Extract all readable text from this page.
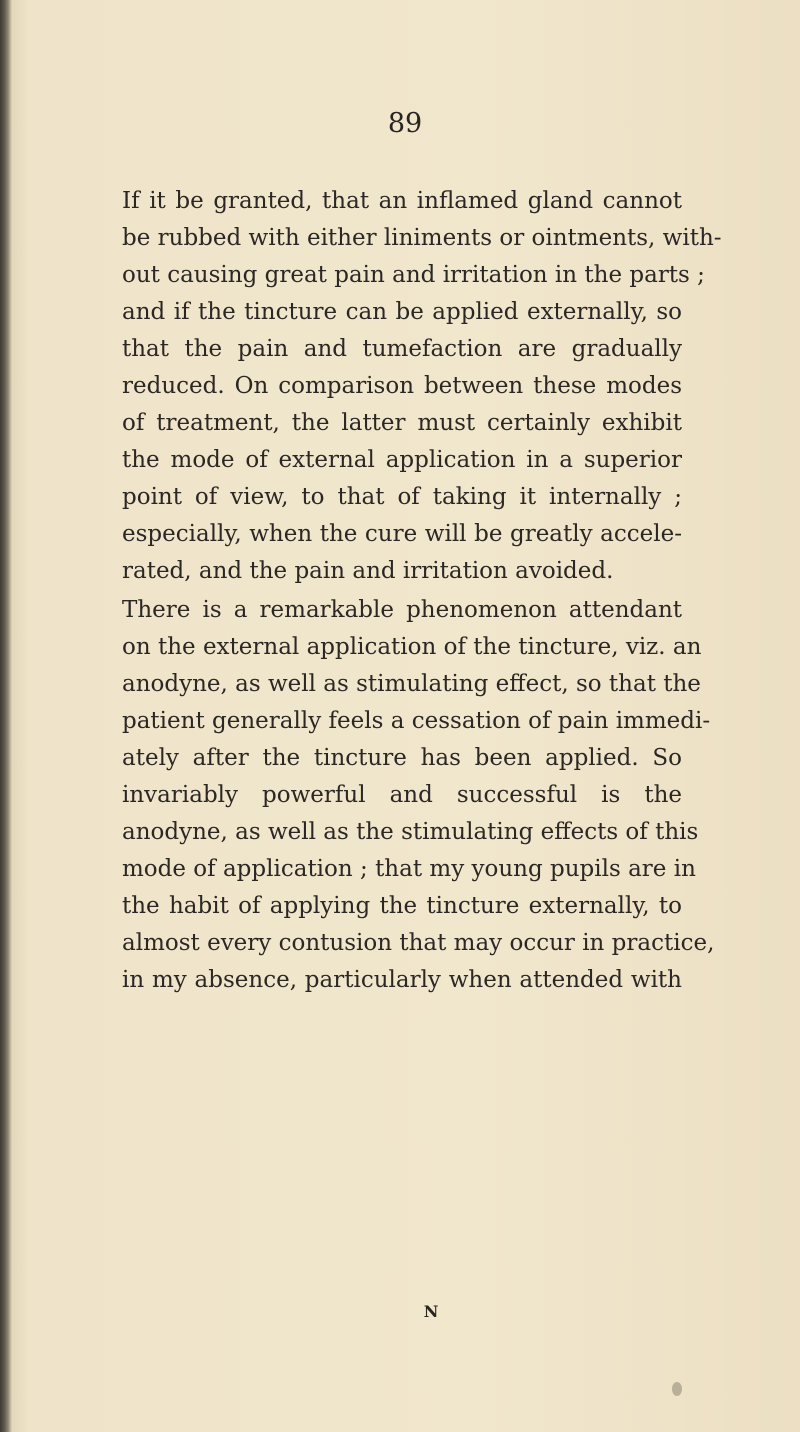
89

If it be granted, that an inflamed gland cannot
be rubbed with either liniments or ointments, with-
out causing great pain and irritation in the parts ;
and if the tincture can be applied externally, so
that the pain and tumefaction are gradually
reduced. On comparison between these modes
of treatment, the latter must certainly exhibit
the mode of external application in a superior
point of view, to that of taking it internally ;
especially, when the cure will be greatly accele-
rated, and the pain and irritation avoided.

There is a remarkable phenomenon attendant
on the external application of the tincture, viz. an
anodyne, as well as stimulating effect, so that the
patient generally feels a cessation of pain immedi-
ately after the tincture has been applied. So
invariably powerful and successful is the
anodyne, as well as the stimulating effects of this
mode of application ; that my young pupils are in
the habit of applying the tincture externally, to
almost every contusion that may occur in practice,
in my absence, particularly when attended with

N
